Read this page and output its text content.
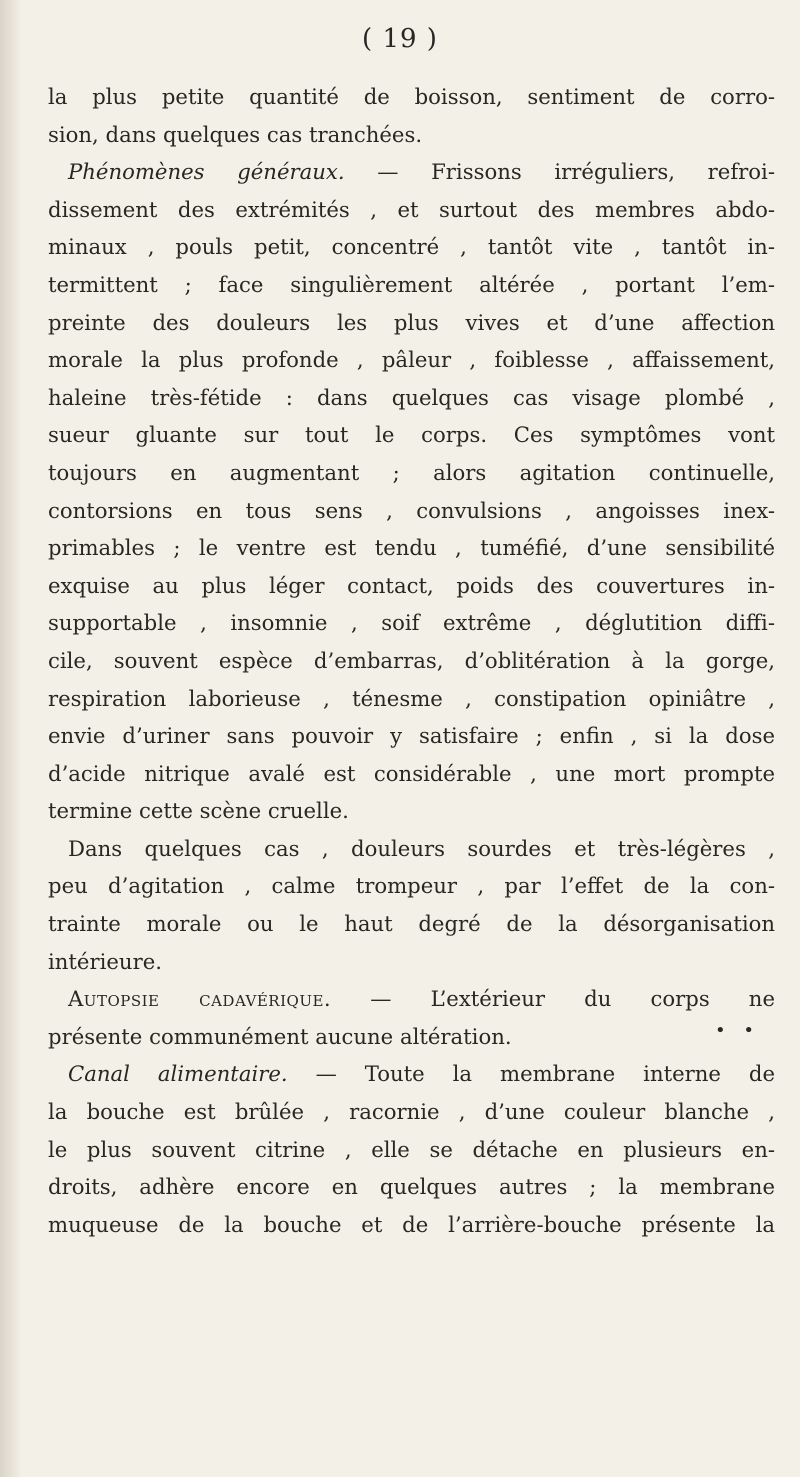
( 19 )
la plus petite quantité de boisson, sentiment de corro-
sion, dans quelques cas tranchées.
Phénomènes généraux. — Frissons irréguliers, refroi-
dissement des extrémités , et surtout des membres abdo-
minaux , pouls petit, concentré , tantôt vite , tantôt in-
termittent ; face singulièrement altérée , portant l’em-
preinte des douleurs les plus vives et d’une affection
morale la plus profonde , pâleur , foiblesse , affaissement,
haleine très-fétide : dans quelques cas visage plombé ,
sueur gluante sur tout le corps. Ces symptômes vont
toujours en augmentant ; alors agitation continuelle,
contorsions en tous sens , convulsions , angoisses inex-
primables ; le ventre est tendu , tuméfié, d’une sensibilité
exquise au plus léger contact, poids des couvertures in-
supportable , insomnie , soif extrême , déglutition diffi-
cile, souvent espèce d’embarras, d’oblitération à la gorge,
respiration laborieuse , ténesme , constipation opiniâtre ,
envie d’uriner sans pouvoir y satisfaire ; enfin , si la dose
d’acide nitrique avalé est considérable , une mort prompte
termine cette scène cruelle.
Dans quelques cas , douleurs sourdes et très-légères ,
peu d’agitation , calme trompeur , par l’effet de la con-
trainte morale ou le haut degré de la désorganisation
intérieure.
Autopsie cadavérique. — L’extérieur du corps ne
présente communément aucune altération.
Canal alimentaire. — Toute la membrane interne de
la bouche est brûlée , racornie , d’une couleur blanche ,
le plus souvent citrine , elle se détache en plusieurs en-
droits, adhère encore en quelques autres ; la membrane
muqueuse de la bouche et de l’arrière-bouche présente la
• •
